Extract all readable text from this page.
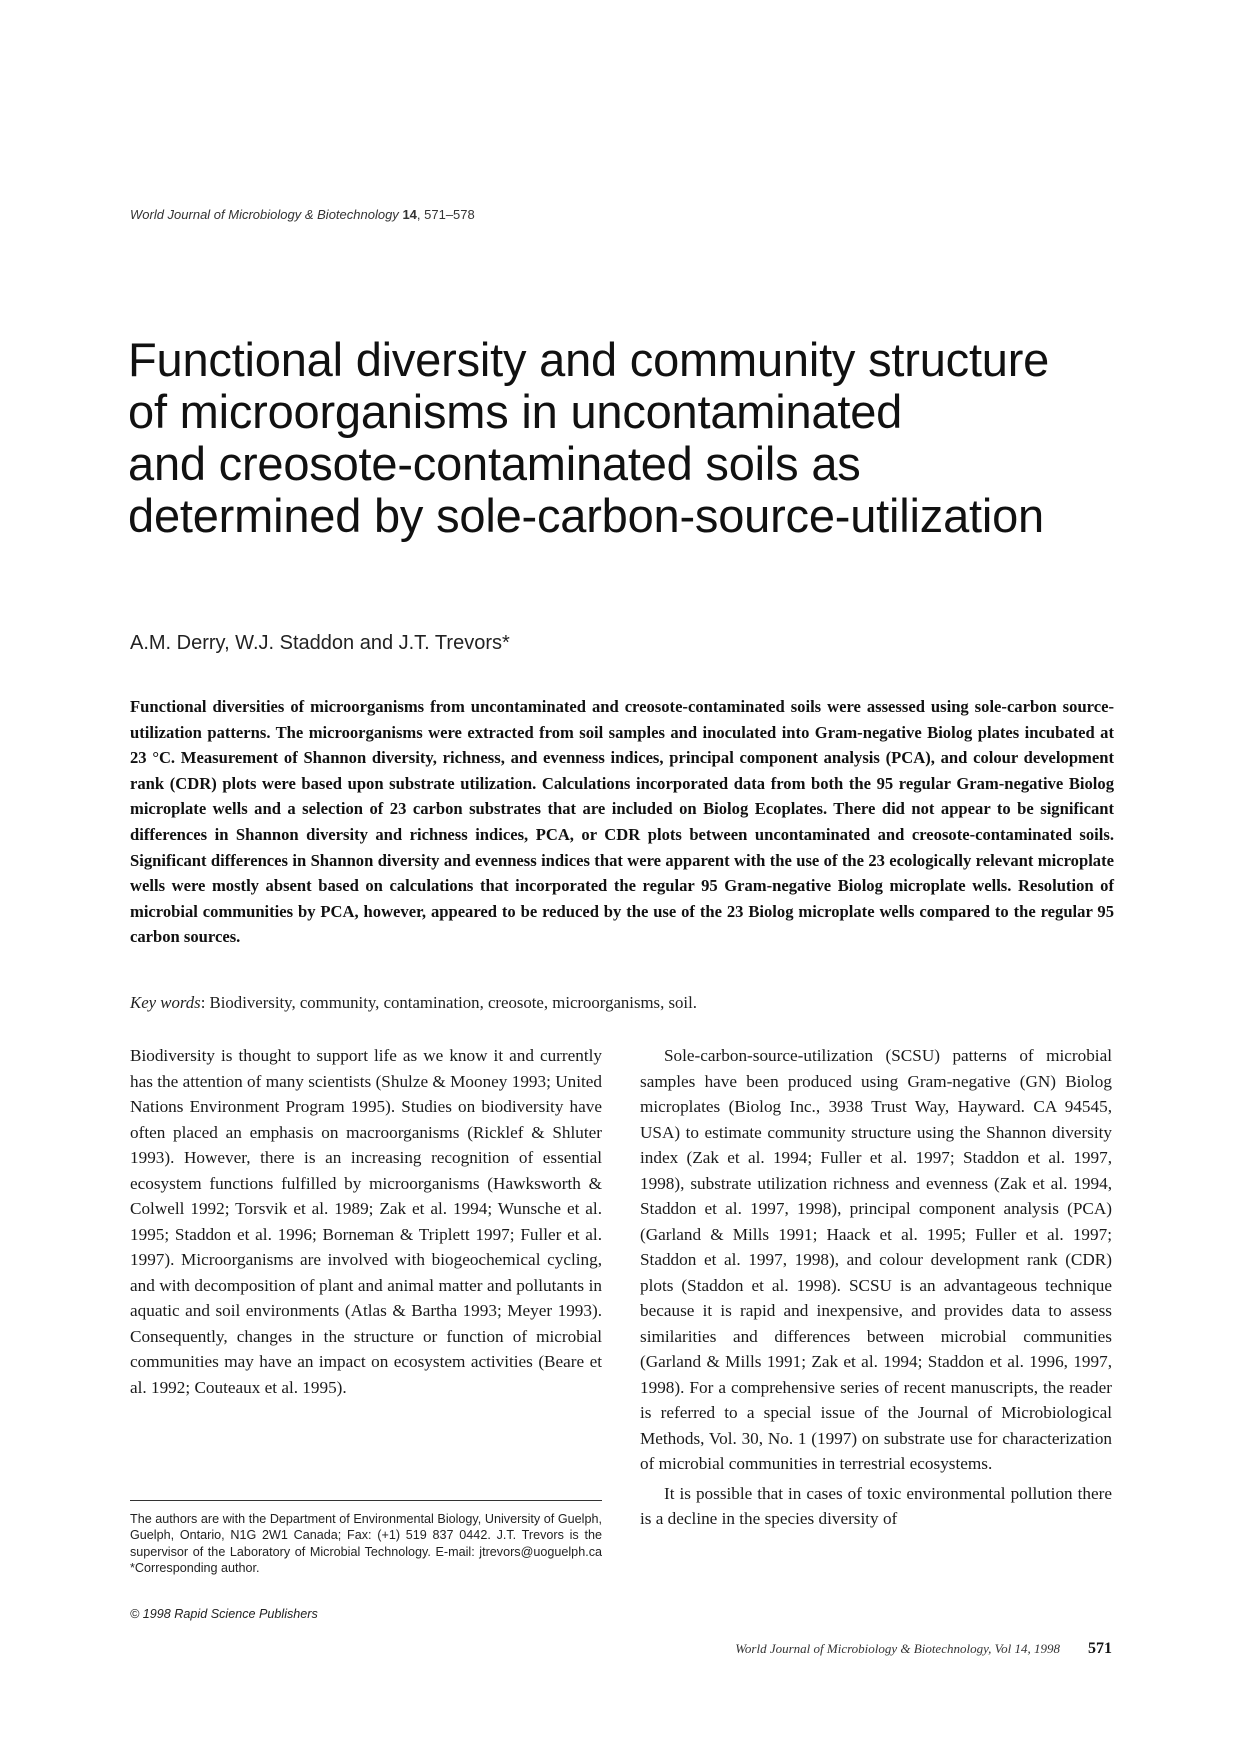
World Journal of Microbiology & Biotechnology 14, 571–578
Functional diversity and community structure
of microorganisms in uncontaminated
and creosote-contaminated soils as
determined by sole-carbon-source-utilization
A.M. Derry, W.J. Staddon and J.T. Trevors*

Functional diversities of microorganisms from uncontaminated and creosote-contaminated soils were assessed using sole-carbon source-utilization patterns. The microorganisms were extracted from soil samples and inoculated into Gram-negative Biolog plates incubated at 23 °C. Measurement of Shannon diversity, richness, and evenness indices, principal component analysis (PCA), and colour development rank (CDR) plots were based upon substrate utilization. Calculations incorporated data from both the 95 regular Gram-negative Biolog microplate wells and a selection of 23 carbon substrates that are included on Biolog Ecoplates. There did not appear to be significant differences in Shannon diversity and richness indices, PCA, or CDR plots between uncontaminated and creosote-contaminated soils. Significant differences in Shannon diversity and evenness indices that were apparent with the use of the 23 ecologically relevant microplate wells were mostly absent based on calculations that incorporated the regular 95 Gram-negative Biolog microplate wells. Resolution of microbial communities by PCA, however, appeared to be reduced by the use of the 23 Biolog microplate wells compared to the regular 95 carbon sources.

Key words: Biodiversity, community, contamination, creosote, microorganisms, soil.

Biodiversity is thought to support life as we know it and currently has the attention of many scientists (Shulze & Mooney 1993; United Nations Environment Program 1995). Studies on biodiversity have often placed an emphasis on macroorganisms (Ricklef & Shluter 1993). However, there is an increasing recognition of essential ecosystem functions fulfilled by microorganisms (Hawksworth & Colwell 1992; Torsvik et al. 1989; Zak et al. 1994; Wunsche et al. 1995; Staddon et al. 1996; Borneman & Triplett 1997; Fuller et al. 1997). Microorganisms are involved with biogeochemical cycling, and with decomposition of plant and animal matter and pollutants in aquatic and soil environments (Atlas & Bartha 1993; Meyer 1993). Consequently, changes in the structure or function of microbial communities may have an impact on ecosystem activities (Beare et al. 1992; Couteaux et al. 1995).

Sole-carbon-source-utilization (SCSU) patterns of microbial samples have been produced using Gram-negative (GN) Biolog microplates (Biolog Inc., 3938 Trust Way, Hayward. CA 94545, USA) to estimate community structure using the Shannon diversity index (Zak et al. 1994; Fuller et al. 1997; Staddon et al. 1997, 1998), substrate utilization richness and evenness (Zak et al. 1994, Staddon et al. 1997, 1998), principal component analysis (PCA) (Garland & Mills 1991; Haack et al. 1995; Fuller et al. 1997; Staddon et al. 1997, 1998), and colour development rank (CDR) plots (Staddon et al. 1998). SCSU is an advantageous technique because it is rapid and inexpensive, and provides data to assess similarities and differences between microbial communities (Garland & Mills 1991; Zak et al. 1994; Staddon et al. 1996, 1997, 1998). For a comprehensive series of recent manuscripts, the reader is referred to a special issue of the Journal of Microbiological Methods, Vol. 30, No. 1 (1997) on substrate use for characterization of microbial communities in terrestrial ecosystems.

It is possible that in cases of toxic environmental pollution there is a decline in the species diversity of

The authors are with the Department of Environmental Biology, University of Guelph, Guelph, Ontario, N1G 2W1 Canada; Fax: (+1) 519 837 0442. J.T. Trevors is the supervisor of the Laboratory of Microbial Technology. E-mail: jtrevors@uoguelph.ca *Corresponding author.

© 1998 Rapid Science Publishers
World Journal of Microbiology & Biotechnology, Vol 14, 1998 571
